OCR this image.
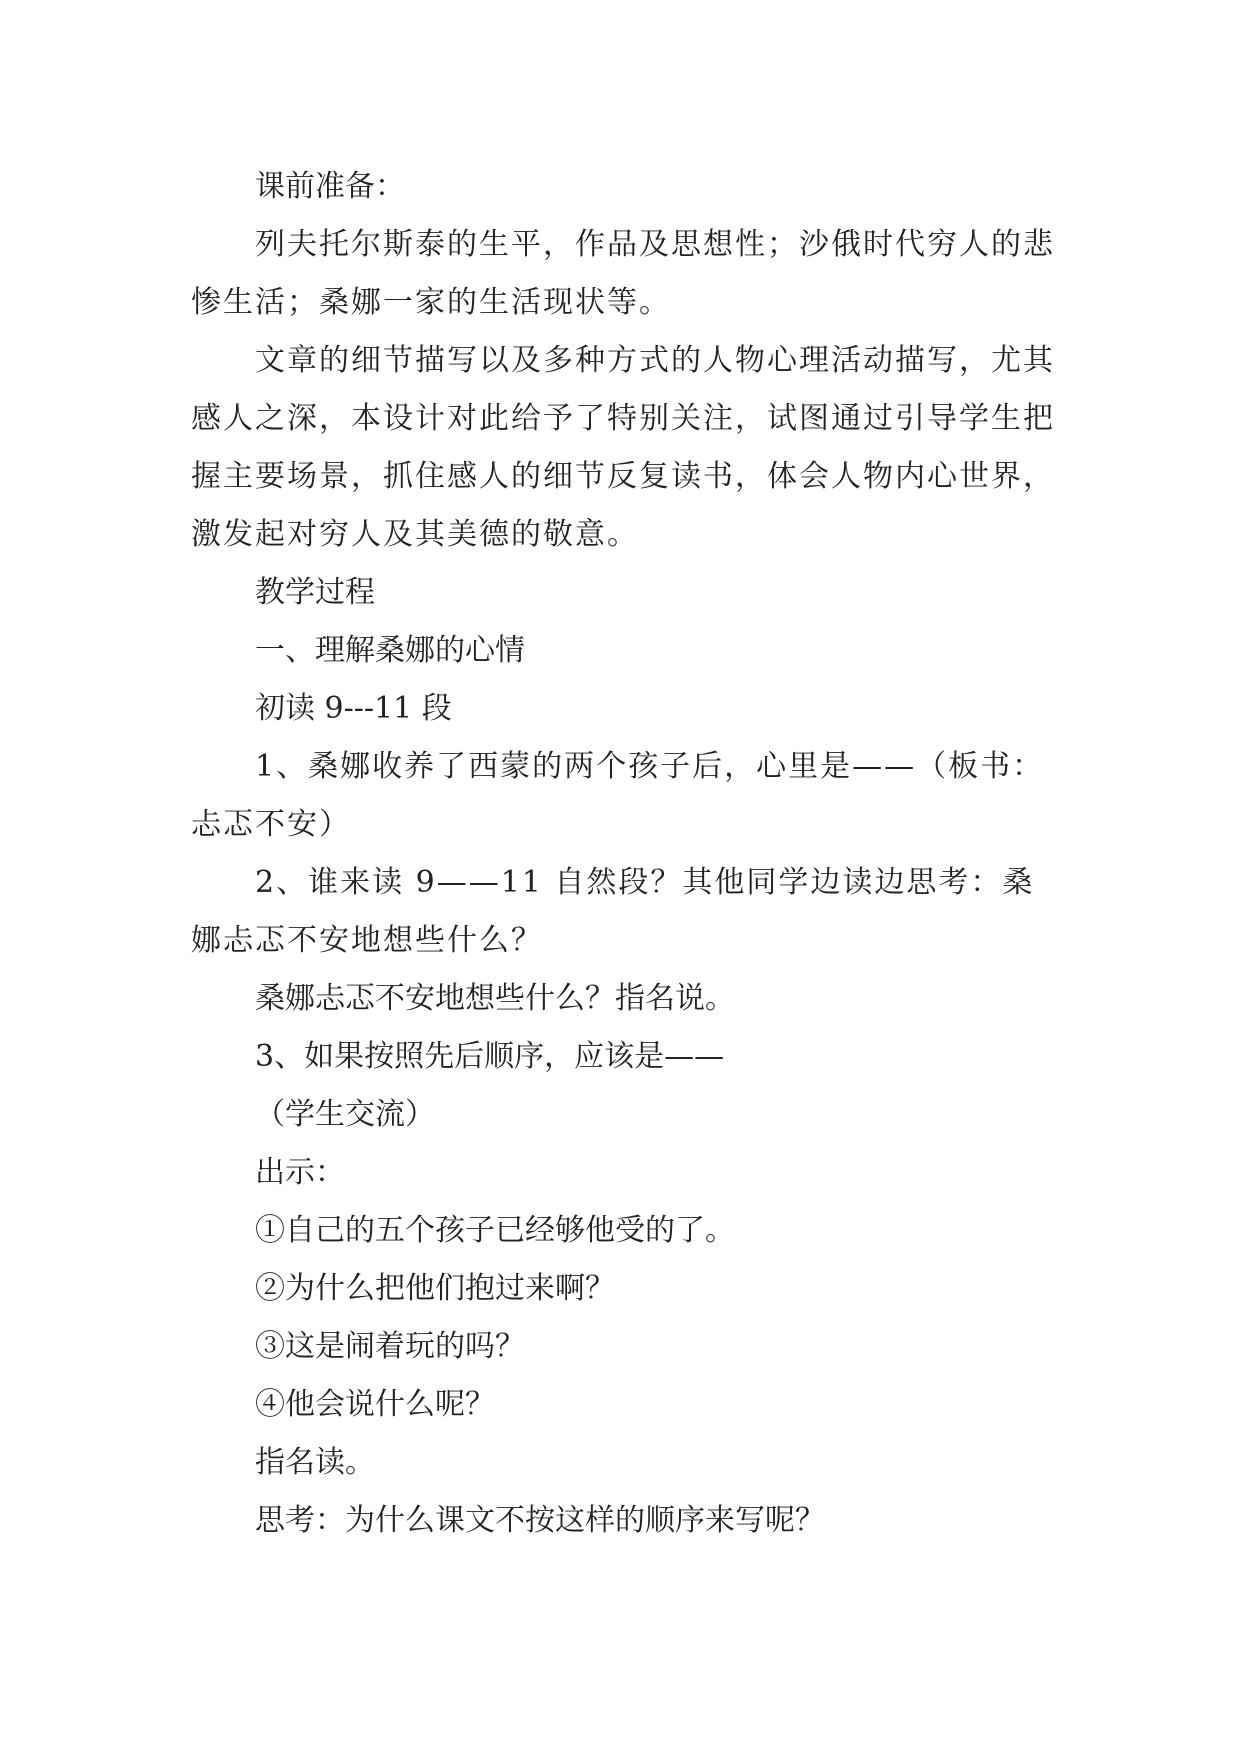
课前准备：

列夫托尔斯泰的生平，作品及思想性；沙俄时代穷人的悲惨生活；桑娜一家的生活现状等。

文章的细节描写以及多种方式的人物心理活动描写，尤其感人之深，本设计对此给予了特别关注，试图通过引导学生把握主要场景，抓住感人的细节反复读书，体会人物内心世界，激发起对穷人及其美德的敬意。

教学过程

一、理解桑娜的心情

初读 9---11 段

1、桑娜收养了西蒙的两个孩子后，心里是——（板书：忐忑不安）

2、谁来读 9——11 自然段？其他同学边读边思考：桑娜忐忑不安地想些什么？

桑娜忐忑不安地想些什么？指名说。

3、如果按照先后顺序，应该是——

（学生交流）

出示：

①自己的五个孩子已经够他受的了。

②为什么把他们抱过来啊？

③这是闹着玩的吗？

④他会说什么呢？

指名读。

思考：为什么课文不按这样的顺序来写呢？
